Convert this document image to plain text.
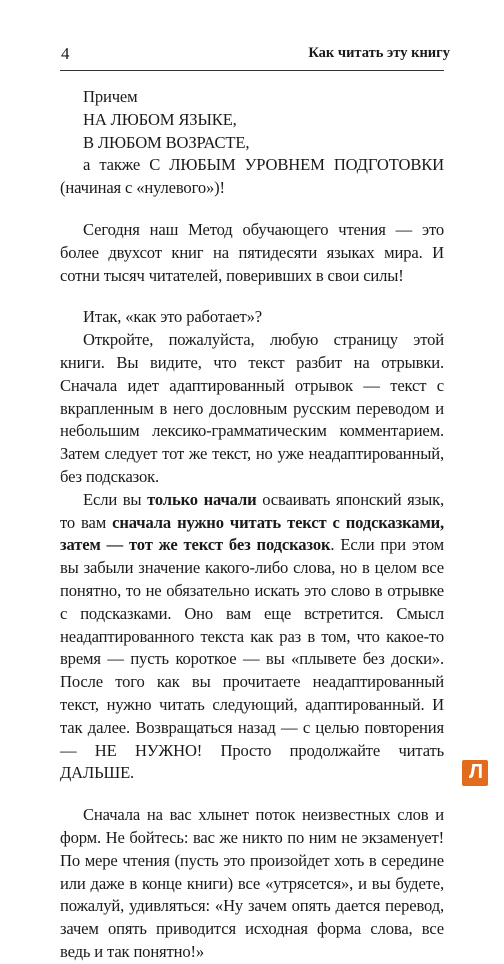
4	Как читать эту книгу

Причем

НА ЛЮБОМ ЯЗЫКЕ,

В ЛЮБОМ ВОЗРАСТЕ,

а также С ЛЮБЫМ УРОВНЕМ ПОДГОТОВКИ (начиная с «нулевого»)!

Сегодня наш Метод обучающего чтения — это более двухсот книг на пятидесяти языках мира. И сотни тысяч читателей, поверивших в свои силы!

Итак, «как это работает»?

Откройте, пожалуйста, любую страницу этой книги. Вы видите, что текст разбит на отрывки. Сначала идет адаптированный отрывок — текст с вкрапленным в него дословным русским переводом и небольшим лексико-грамматическим комментарием. Затем следует тот же текст, но уже неадаптированный, без подсказок.

Если вы только начали осваивать японский язык, то вам сначала нужно читать текст с подсказками, затем — тот же текст без подсказок. Если при этом вы забыли значение какого-либо слова, но в целом все понятно, то не обязательно искать это слово в отрывке с подсказками. Оно вам еще встретится. Смысл неадаптированного текста как раз в том, что какое-то время — пусть короткое — вы «плывете без доски». После того как вы прочитаете неадаптированный текст, нужно читать следующий, адаптированный. И так далее. Возвращаться назад — с целью повторения — НЕ НУЖНО! Просто продолжайте читать ДАЛЬШЕ.

Сначала на вас хлынет поток неизвестных слов и форм. Не бойтесь: вас же никто по ним не экзаменует! По мере чтения (пусть это произойдет хоть в середине или даже в конце книги) все «утрясется», и вы будете, пожалуй, удивляться: «Ну зачем опять дается перевод, зачем опять приводится исходная форма слова, все ведь и так понятно!»

Л
